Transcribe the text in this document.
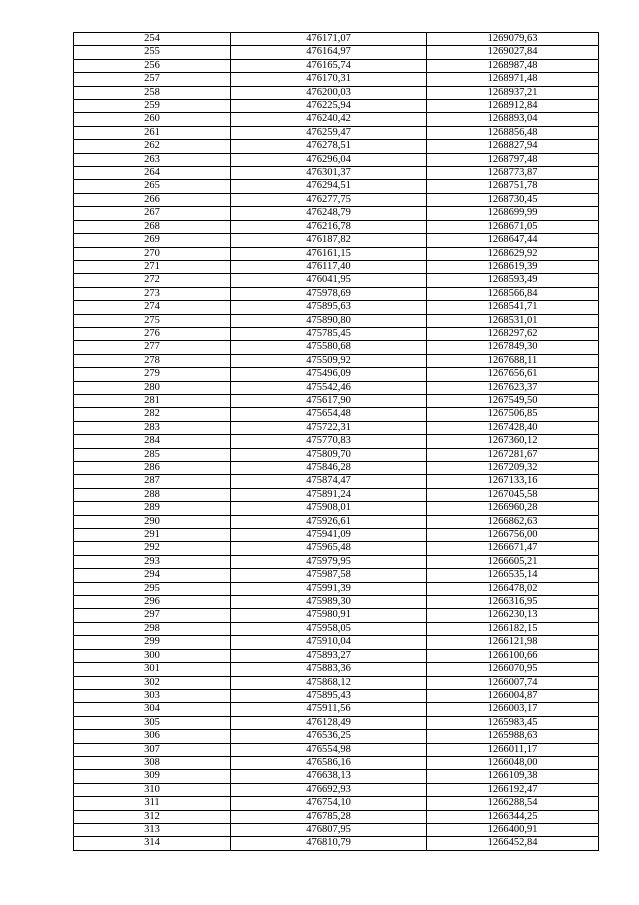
254	476171,07	1269079,63
255	476164,97	1269027,84
256	476165,74	1268987,48
257	476170,31	1268971,48
258	476200,03	1268937,21
259	476225,94	1268912,84
260	476240,42	1268893,04
261	476259,47	1268856,48
262	476278,51	1268827,94
263	476296,04	1268797,48
264	476301,37	1268773,87
265	476294,51	1268751,78
266	476277,75	1268730,45
267	476248,79	1268699,99
268	476216,78	1268671,05
269	476187,82	1268647,44
270	476161,15	1268629,92
271	476117,40	1268619,39
272	476041,95	1268593,49
273	475978,69	1268566,84
274	475895,63	1268541,71
275	475890,80	1268531,01
276	475785,45	1268297,62
277	475580,68	1267849,30
278	475509,92	1267688,11
279	475496,09	1267656,61
280	475542,46	1267623,37
281	475617,90	1267549,50
282	475654,48	1267506,85
283	475722,31	1267428,40
284	475770,83	1267360,12
285	475809,70	1267281,67
286	475846,28	1267209,32
287	475874,47	1267133,16
288	475891,24	1267045,58
289	475908,01	1266960,28
290	475926,61	1266862,63
291	475941,09	1266756,00
292	475965,48	1266671,47
293	475979,95	1266605,21
294	475987,58	1266535,14
295	475991,39	1266478,02
296	475989,30	1266316,95
297	475980,91	1266230,13
298	475958,05	1266182,15
299	475910,04	1266121,98
300	475893,27	1266100,66
301	475883,36	1266070,95
302	475868,12	1266007,74
303	475895,43	1266004,87
304	475911,56	1266003,17
305	476128,49	1265983,45
306	476536,25	1265988,63
307	476554,98	1266011,17
308	476586,16	1266048,00
309	476638,13	1266109,38
310	476692,93	1266192,47
311	476754,10	1266288,54
312	476785,28	1266344,25
313	476807,95	1266400,91
314	476810,79	1266452,84
